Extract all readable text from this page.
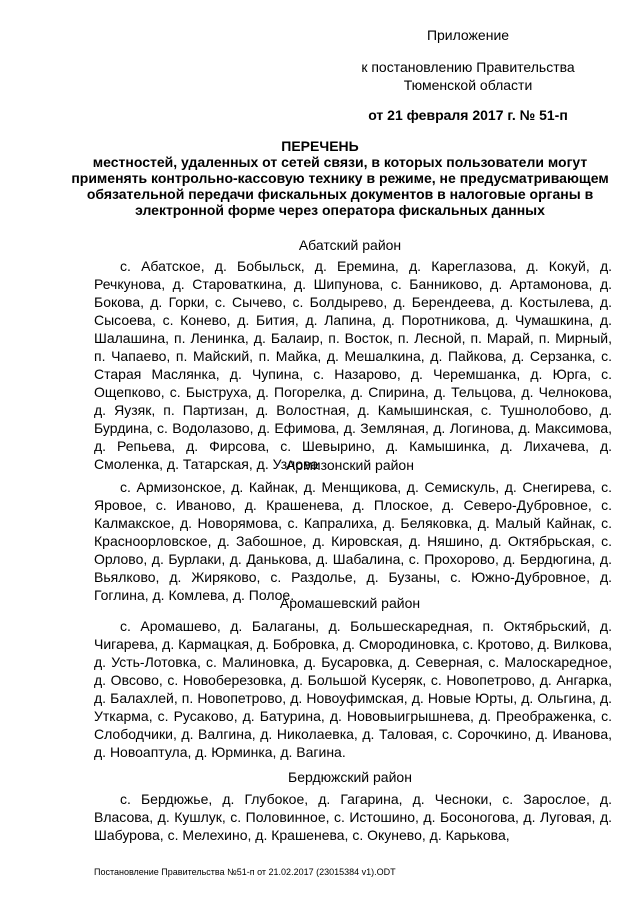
Приложение
к постановлению Правительства
Тюменской области
от 21 февраля 2017 г. № 51-п
ПЕРЕЧЕНЬ
местностей, удаленных от сетей связи, в которых пользователи могут применять контрольно-кассовую технику в режиме, не предусматривающем обязательной передачи фискальных документов в налоговые органы в электронной форме через оператора фискальных данных
Абатский район
с. Абатское, д. Бобыльск, д. Еремина, д. Кареглазова, д. Кокуй, д. Речкунова, д. Староваткина, д. Шипунова, с. Банниково, д. Артамонова, д. Бокова, д. Горки, с. Сычево, с. Болдырево, д. Берендеева, д. Костылева, д. Сысоева, с. Конево, д. Бития, д. Лапина, д. Поротникова, д. Чумашкина, д. Шалашина, п. Ленинка, д. Балаир, п. Восток, п. Лесной, п. Марай, п. Мирный, п. Чапаево, п. Майский, п. Майка, д. Мешалкина, д. Пайкова, д. Серзанка, с. Старая Маслянка, д. Чупина, с. Назарово, д. Черемшанка, д. Юрга, с. Ощепково, с. Быструха, д. Погорелка, д. Спирина, д. Тельцова, д. Челнокова, д. Яузяк, п. Партизан, д. Волостная, д. Камышинская, с. Тушнолобово, д. Бурдина, с. Водолазово, д. Ефимова, д. Земляная, д. Логинова, д. Максимова, д. Репьева, д. Фирсова, с. Шевырино, д. Камышинка, д. Лихачева, д. Смоленка, д. Татарская, д. Узлова
Армизонский район
с. Армизонское, д. Кайнак, д. Менщикова, д. Семискуль, д. Снегирева, с. Яровое, с. Иваново, д. Крашенева, д. Плоское, д. Северо-Дубровное, с. Калмакское, д. Новорямова, с. Капралиха, д. Беляковка, д. Малый Кайнак, с. Красноорловское, д. Забошное, д. Кировская, д. Няшино, д. Октябрьская, с. Орлово, д. Бурлаки, д. Данькова, д. Шабалина, с. Прохорово, д. Бердюгина, д. Вьялково, д. Жиряково, с. Раздолье, д. Бузаны, с. Южно-Дубровное, д. Гоглина, д. Комлева, д. Полое.
Аромашевский район
с. Аромашево, д. Балаганы, д. Большескаредная, п. Октябрьский, д. Чигарева, д. Кармацкая, д. Бобровка, д. Смородиновка, с. Кротово, д. Вилкова, д. Усть-Лотовка, с. Малиновка, д. Бусаровка, д. Северная, с. Малоскаредное, д. Овсово, с. Новоберезовка, д. Большой Кусеряк, с. Новопетрово, д. Ангарка, д. Балахлей, п. Новопетрово, д. Новоуфимская, д. Новые Юрты, д. Ольгина, д. Уткарма, с. Русаково, д. Батурина, д. Нововыигрышнева, д. Преображенка, с. Слободчики, д. Валгина, д. Николаевка, д. Таловая, с. Сорочкино, д. Иванова, д. Новоаптула, д. Юрминка, д. Вагина.
Бердюжский район
с. Бердюжье, д. Глубокое, д. Гагарина, д. Чесноки, с. Зарослое, д. Власова, д. Кушлук, с. Половинное, с. Истошино, д. Босоногова, д. Луговая, д. Шабурова, с. Мелехино, д. Крашенева, с. Окунево, д. Карькова,
Постановление Правительства №51-п от 21.02.2017 (23015384 v1).ODT
